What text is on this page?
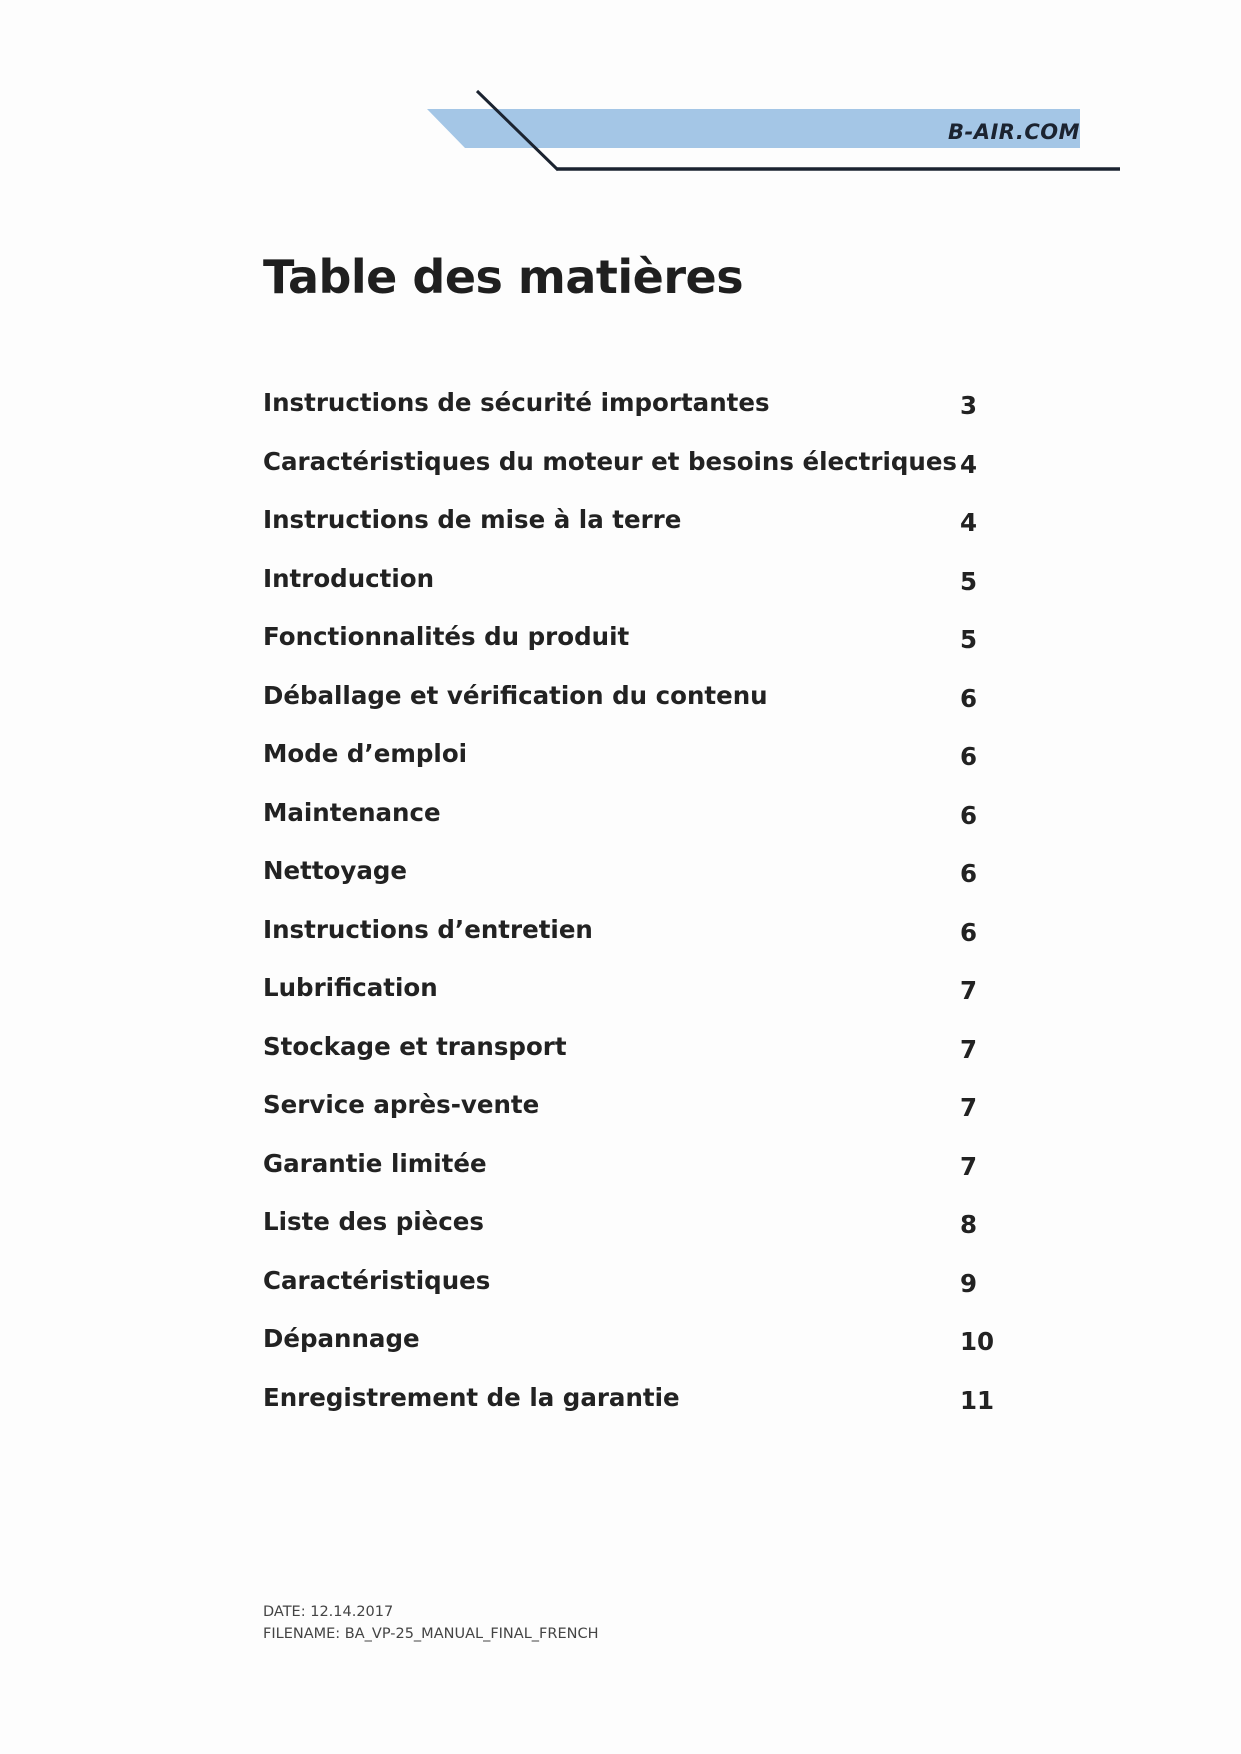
B-AIR.COM
Table des matières
Instructions de sécurité importantes	3
Caractéristiques du moteur et besoins électriques 4
Instructions de mise à la terre	4
Introduction	5
Fonctionnalités du produit	5
Déballage et vérification du contenu	6
Mode d’emploi	6
Maintenance	6
Nettoyage	6
Instructions d’entretien	6
Lubrification	7
Stockage et transport	7
Service après-vente	7
Garantie limitée	7
Liste des pièces	8
Caractéristiques	9
Dépannage	10
Enregistrement de la garantie	11
DATE: 12.14.2017
FILENAME: BA_VP-25_MANUAL_FINAL_FRENCH
